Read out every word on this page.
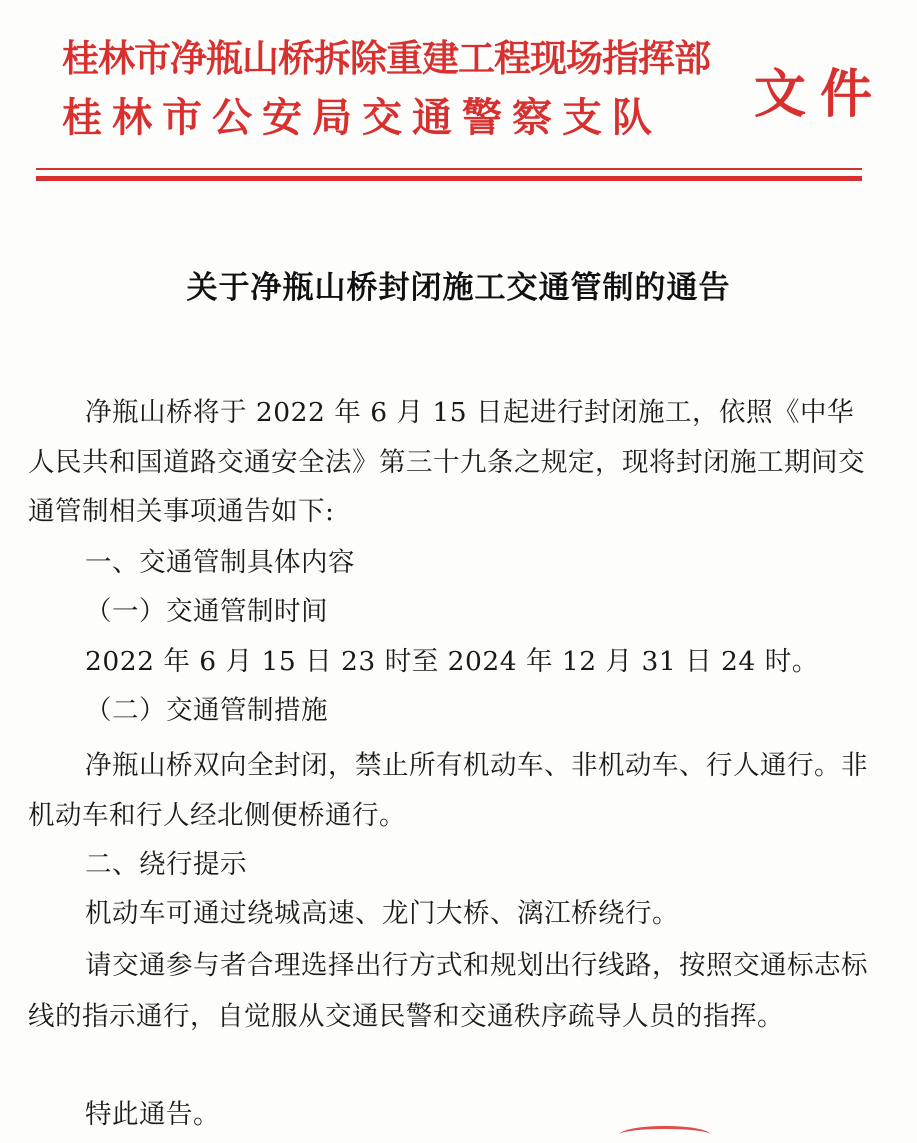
桂林市净瓶山桥拆除重建工程现场指挥部
桂林市公安局交通警察支队 文件
关于净瓶山桥封闭施工交通管制的通告
净瓶山桥将于 2022 年 6 月 15 日起进行封闭施工，依照《中华人民共和国道路交通安全法》第三十九条之规定，现将封闭施工期间交通管制相关事项通告如下:
一、交通管制具体内容
（一）交通管制时间
2022 年 6 月 15 日 23 时至 2024 年 12 月 31 日 24 时。
（二）交通管制措施
净瓶山桥双向全封闭，禁止所有机动车、非机动车、行人通行。非机动车和行人经北侧便桥通行。
二、绕行提示
机动车可通过绕城高速、龙门大桥、漓江桥绕行。
请交通参与者合理选择出行方式和规划出行线路，按照交通标志标线的指示通行，自觉服从交通民警和交通秩序疏导人员的指挥。
特此通告。
